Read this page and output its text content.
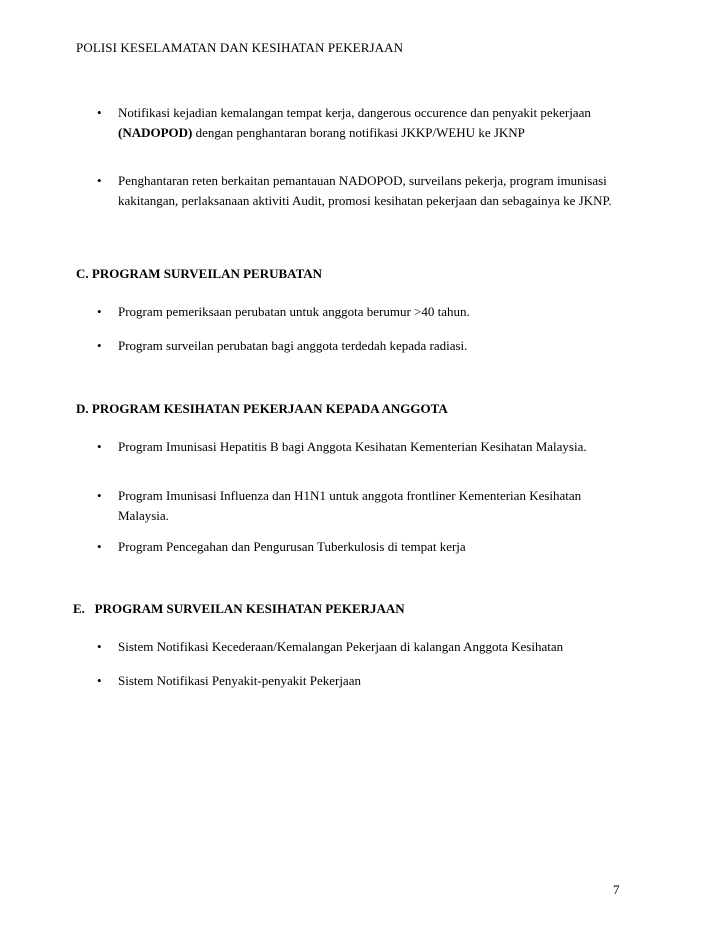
POLISI KESELAMATAN DAN KESIHATAN PEKERJAAN
•	Notifikasi kejadian kemalangan tempat kerja, dangerous occurence dan penyakit pekerjaan (NADOPOD) dengan penghantaran borang notifikasi JKKP/WEHU ke JKNP
•	Penghantaran reten berkaitan pemantauan NADOPOD, surveilans pekerja, program imunisasi kakitangan, perlaksanaan aktiviti Audit, promosi kesihatan pekerjaan dan sebagainya ke JKNP.
C. PROGRAM SURVEILAN PERUBATAN
•	Program pemeriksaan perubatan untuk anggota berumur >40 tahun.
•	Program surveilan perubatan bagi anggota terdedah kepada radiasi.
D. PROGRAM KESIHATAN PEKERJAAN KEPADA ANGGOTA
•	Program Imunisasi Hepatitis B bagi Anggota Kesihatan Kementerian Kesihatan Malaysia.
•	Program Imunisasi Influenza dan H1N1 untuk anggota frontliner Kementerian Kesihatan Malaysia.
•	Program Pencegahan dan Pengurusan Tuberkulosis di tempat kerja
E.   PROGRAM SURVEILAN KESIHATAN PEKERJAAN
•	Sistem Notifikasi Kecederaan/Kemalangan Pekerjaan di kalangan Anggota Kesihatan
•	Sistem Notifikasi Penyakit-penyakit Pekerjaan
7
